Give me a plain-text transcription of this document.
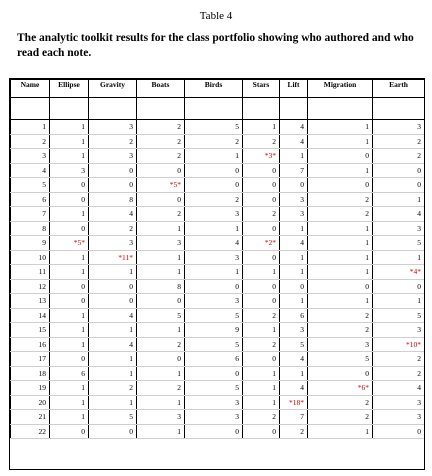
Table 4
The analytic toolkit results for the class portfolio showing who authored and who read each note.
Name	Ellipse	Gravity	Boats	Birds	Stars	Lift	Migration	Earth

1	1	3	2	5	1	4	1	3
2	1	2	2	2	2	4	1	2
3	1	3	2	1	*3*	1	0	2
4	3	0	0	0	0	7	1	0
5	0	0	*5*	0	0	0	0	0
6	0	8	0	2	0	3	2	1
7	1	4	2	3	2	3	2	4
8	0	2	1	1	0	1	1	3
9	*5*	3	3	4	*2*	4	1	5
10	1	*11*	1	3	0	1	1	1
11	1	1	1	1	1	1	1	*4*
12	0	0	8	0	0	0	0	0
13	0	0	0	3	0	1	1	1
14	1	4	5	5	2	6	2	5
15	1	1	1	9	1	3	2	3
16	1	4	2	5	2	5	3	*10*
17	0	1	0	6	0	4	5	2
18	6	1	1	0	1	1	0	2
19	1	2	2	5	1	4	*6*	4
20	1	1	1	3	1	*18*	2	3
21	1	5	3	3	2	7	2	3
22	0	0	1	0	0	2	1	0
